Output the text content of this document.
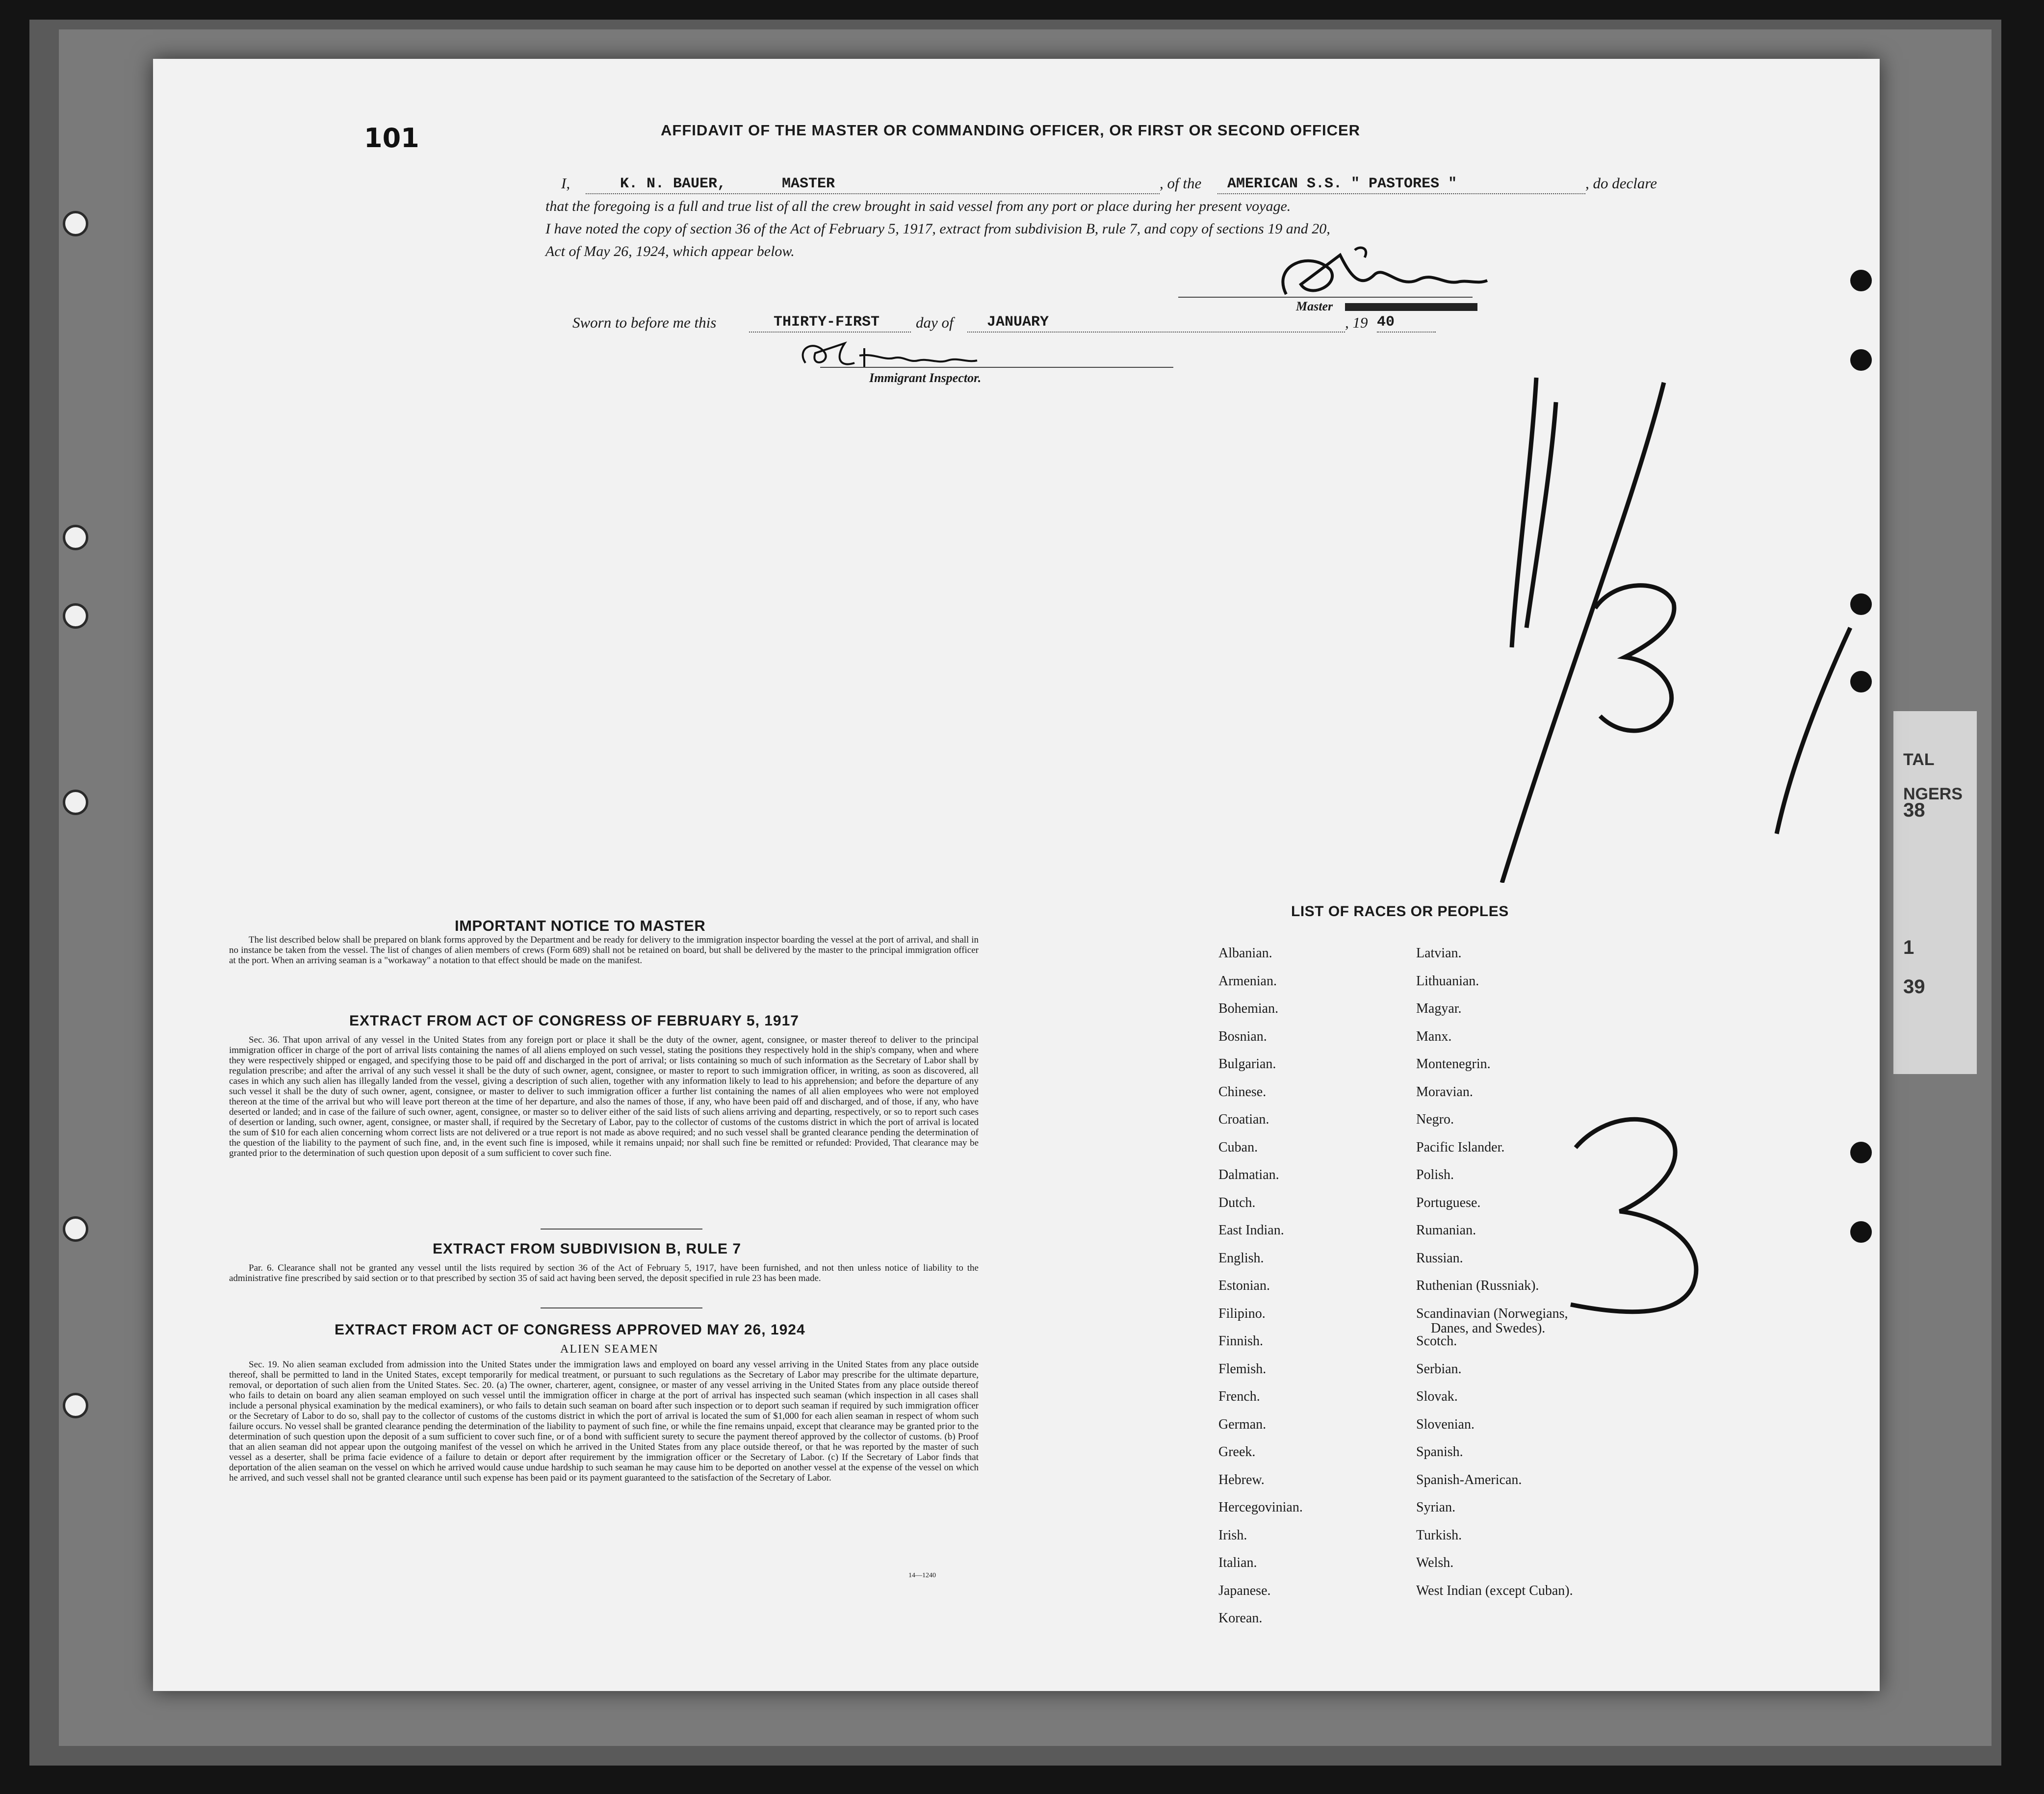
TAL
NGERS
38
1
39
101	AFFIDAVIT OF THE MASTER OR COMMANDING OFFICER, OR FIRST OR SECOND OFFICER
I,	K. N. BAUER,	MASTER	, of the AMERICAN S.S. " PASTORES "	, do declare
that the foregoing is a full and true list of all the crew brought in said vessel from any port or place during her present voyage.
I have noted the copy of section 36 of the Act of February 5, 1917, extract from subdivision B, rule 7, and copy of sections 19 and 20,
Act of May 26, 1924, which appear below.
Master
Sworn to before me this	THIRTY-FIRST day of JANUARY	, 19 40
Immigrant Inspector.
IMPORTANT NOTICE TO MASTER
The list described below shall be prepared on blank forms approved by the Department and be ready for delivery to the immigration inspector boarding the vessel at the port of arrival, and shall in no instance be taken from the vessel. The list of changes of alien members of crews (Form 689) shall not be retained on board, but shall be delivered by the master to the principal immigration officer at the port. When an arriving seaman is a "workaway" a notation to that effect should be made on the manifest.
EXTRACT FROM ACT OF CONGRESS OF FEBRUARY 5, 1917
Sec. 36. That upon arrival of any vessel in the United States from any foreign port or place it shall be the duty of the owner, agent, consignee, or master thereof to deliver to the principal immigration officer in charge of the port of arrival lists containing the names of all aliens employed on such vessel, stating the positions they respectively hold in the ship's company, when and where they were respectively shipped or engaged, and specifying those to be paid off and discharged in the port of arrival; or lists containing so much of such information as the Secretary of Labor shall by regulation prescribe; and after the arrival of any such vessel it shall be the duty of such owner, agent, consignee, or master to report to such immigration officer, in writing, as soon as discovered, all cases in which any such alien has illegally landed from the vessel, giving a description of such alien, together with any information likely to lead to his apprehension; and before the departure of any such vessel it shall be the duty of such owner, agent, consignee, or master to deliver to such immigration officer a further list containing the names of all alien employees who were not employed thereon at the time of the arrival but who will leave port thereon at the time of her departure, and also the names of those, if any, who have been paid off and discharged, and of those, if any, who have deserted or landed; and in case of the failure of such owner, agent, consignee, or master so to deliver either of the said lists of such aliens arriving and departing, respectively, or so to report such cases of desertion or landing, such owner, agent, consignee, or master shall, if required by the Secretary of Labor, pay to the collector of customs of the customs district in which the port of arrival is located the sum of $10 for each alien concerning whom correct lists are not delivered or a true report is not made as above required; and no such vessel shall be granted clearance pending the determination of the question of the liability to the payment of such fine, and, in the event such fine is imposed, while it remains unpaid; nor shall such fine be remitted or refunded: Provided, That clearance may be granted prior to the determination of such question upon deposit of a sum sufficient to cover such fine.
EXTRACT FROM SUBDIVISION B, RULE 7
Par. 6. Clearance shall not be granted any vessel until the lists required by section 36 of the Act of February 5, 1917, have been furnished, and not then unless notice of liability to the administrative fine prescribed by said section or to that prescribed by section 35 of said act having been served, the deposit specified in rule 23 has been made.
EXTRACT FROM ACT OF CONGRESS APPROVED MAY 26, 1924
ALIEN SEAMEN
Sec. 19. No alien seaman excluded from admission into the United States under the immigration laws and employed on board any vessel arriving in the United States from any place outside thereof, shall be permitted to land in the United States, except temporarily for medical treatment, or pursuant to such regulations as the Secretary of Labor may prescribe for the ultimate departure, removal, or deportation of such alien from the United States. Sec. 20. (a) The owner, charterer, agent, consignee, or master of any vessel arriving in the United States from any place outside thereof who fails to detain on board any alien seaman employed on such vessel until the immigration officer in charge at the port of arrival has inspected such seaman (which inspection in all cases shall include a personal physical examination by the medical examiners), or who fails to detain such seaman on board after such inspection or to deport such seaman if required by such immigration officer or the Secretary of Labor to do so, shall pay to the collector of customs of the customs district in which the port of arrival is located the sum of $1,000 for each alien seaman in respect of whom such failure occurs. No vessel shall be granted clearance pending the determination of the liability to payment of such fine, or while the fine remains unpaid, except that clearance may be granted prior to the determination of such question upon the deposit of a sum sufficient to cover such fine, or of a bond with sufficient surety to secure the payment thereof approved by the collector of customs. (b) Proof that an alien seaman did not appear upon the outgoing manifest of the vessel on which he arrived in the United States from any place outside thereof, or that he was reported by the master of such vessel as a deserter, shall be prima facie evidence of a failure to detain or deport after requirement by the immigration officer or the Secretary of Labor. (c) If the Secretary of Labor finds that deportation of the alien seaman on the vessel on which he arrived would cause undue hardship to such seaman he may cause him to be deported on another vessel at the expense of the vessel on which he arrived, and such vessel shall not be granted clearance until such expense has been paid or its payment guaranteed to the satisfaction of the Secretary of Labor.
14—1240
LIST OF RACES OR PEOPLES
Albanian.
Armenian.
Bohemian.
Bosnian.
Bulgarian.
Chinese.
Croatian.
Cuban.
Dalmatian.
Dutch.
East Indian.
English.
Estonian.
Filipino.
Finnish.
Flemish.
French.
German.
Greek.
Hebrew.
Hercegovinian.
Irish.
Italian.
Japanese.
Korean.
Latvian.
Lithuanian.
Magyar.
Manx.
Montenegrin.
Moravian.
Negro.
Pacific Islander.
Polish.
Portuguese.
Rumanian.
Russian.
Ruthenian (Russniak).
Scandinavian (Norwegians,
Danes, and Swedes).
Scotch.
Serbian.
Slovak.
Slovenian.
Spanish.
Spanish-American.
Syrian.
Turkish.
Welsh.
West Indian (except Cuban).
